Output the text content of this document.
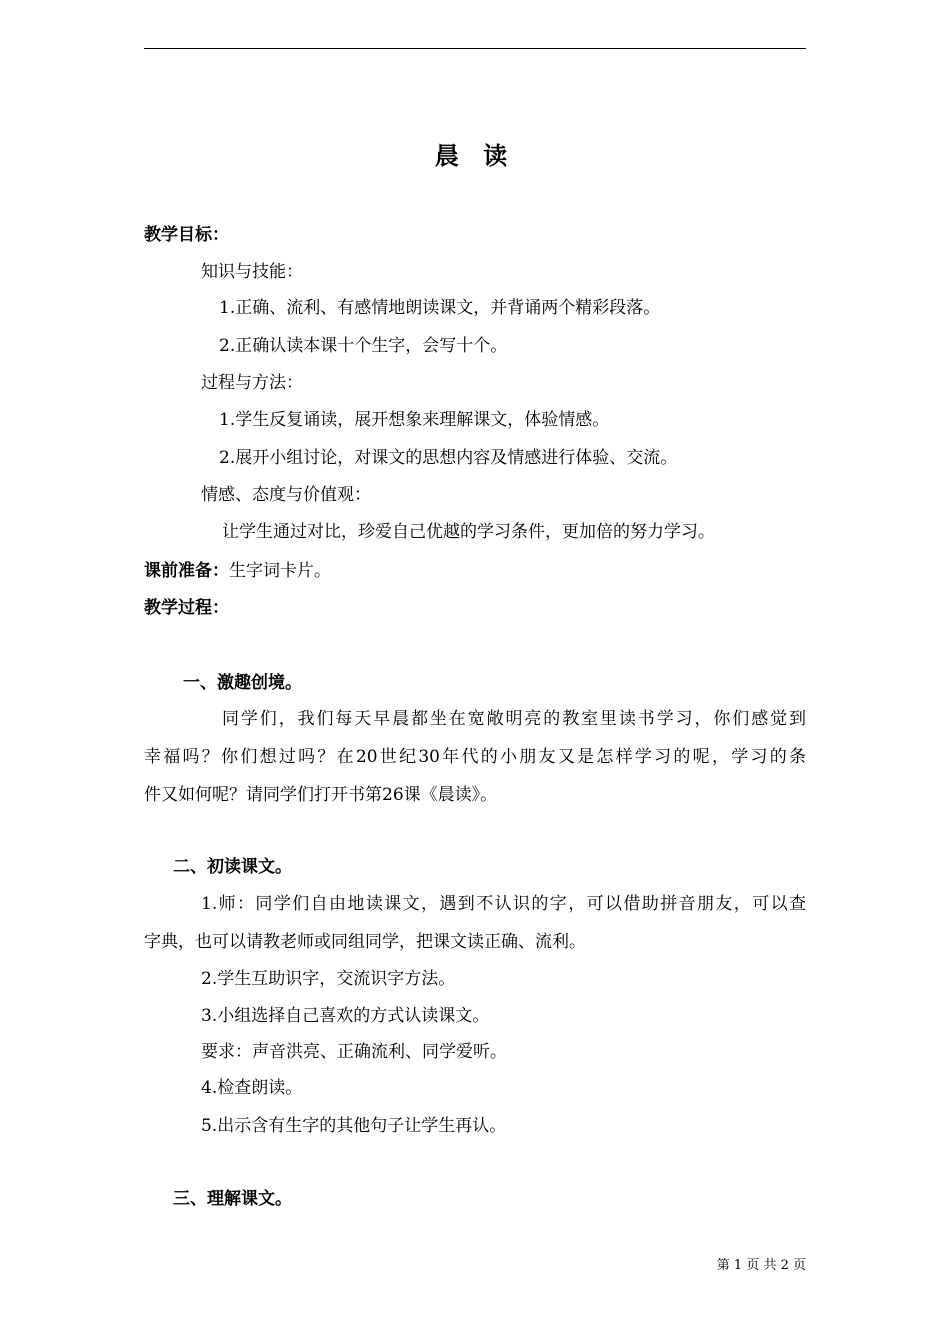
晨 读
教学目标：
知识与技能：
1.正确、流利、有感情地朗读课文，并背诵两个精彩段落。
2.正确认读本课十个生字，会写十个。
过程与方法：
1.学生反复诵读，展开想象来理解课文，体验情感。
2.展开小组讨论，对课文的思想内容及情感进行体验、交流。
情感、态度与价值观：
让学生通过对比，珍爱自己优越的学习条件，更加倍的努力学习。
课前准备：生字词卡片。
教学过程：
一、激趣创境。
同学们，我们每天早晨都坐在宽敞明亮的教室里读书学习，你们感觉到
幸福吗？你们想过吗？在20世纪30年代的小朋友又是怎样学习的呢，学习的条
件又如何呢？请同学们打开书第26课《晨读》。
二、初读课文。
1.师：同学们自由地读课文，遇到不认识的字，可以借助拼音朋友，可以查
字典，也可以请教老师或同组同学，把课文读正确、流利。
2.学生互助识字，交流识字方法。
3.小组选择自己喜欢的方式认读课文。
要求：声音洪亮、正确流利、同学爱听。
4.检查朗读。
5.出示含有生字的其他句子让学生再认。
三、理解课文。
第 1 页 共 2 页
